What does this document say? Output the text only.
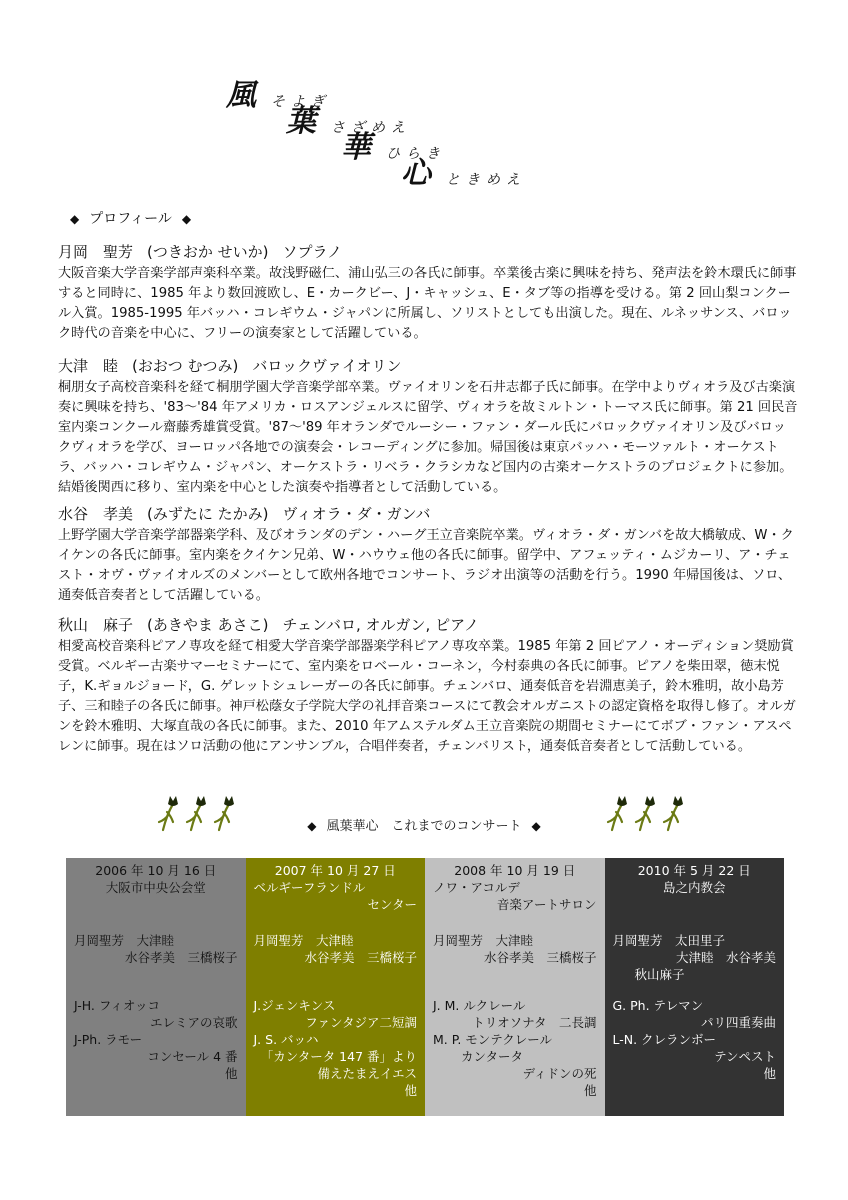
風 そよぎ
葉 さざめえ
華 ひらき
心 ときめえ
◆ プロフィール ◆
月岡　聖芳 (つきおか せいか) ソプラノ

大阪音楽大学音楽学部声楽科卒業。故浅野磁仁、浦山弘三の各氏に師事。卒業後古楽に興味を持ち、発声法を鈴木環氏に師事すると同時に、1985 年より数回渡欧し、E・カークビー、J・キャッシュ、E・タブ等の指導を受ける。第 2 回山梨コンクール入賞。1985-1995 年バッハ・コレギウム・ジャパンに所属し、ソリストとしても出演した。現在、ルネッサンス、バロック時代の音楽を中心に、フリーの演奏家として活躍している。

大津　睦 (おおつ むつみ) バロックヴァイオリン

桐朋女子高校音楽科を経て桐朋学園大学音楽学部卒業。ヴァイオリンを石井志都子氏に師事。在学中よりヴィオラ及び古楽演奏に興味を持ち、'83～'84 年アメリカ・ロスアンジェルスに留学、ヴィオラを故ミルトン・トーマス氏に師事。第 21 回民音室内楽コンクール齋藤秀雄賞受賞。'87～'89 年オランダでルーシー・ファン・ダール氏にバロックヴァイオリン及びバロックヴィオラを学び、ヨーロッパ各地での演奏会・レコーディングに参加。帰国後は東京バッハ・モーツァルト・オーケストラ、バッハ・コレギウム・ジャパン、オーケストラ・リベラ・クラシカなど国内の古楽オーケストラのプロジェクトに参加。結婚後関西に移り、室内楽を中心とした演奏や指導者として活動している。

水谷　孝美 (みずたに たかみ) ヴィオラ・ダ・ガンバ

上野学園大学音楽学部器楽学科、及びオランダのデン・ハーグ王立音楽院卒業。ヴィオラ・ダ・ガンバを故大橋敏成、W・クイケンの各氏に師事。室内楽をクイケン兄弟、W・ハウウェ他の各氏に師事。留学中、アフェッティ・ムジカーリ、ア・チェスト・オヴ・ヴァイオルズのメンバーとして欧州各地でコンサート、ラジオ出演等の活動を行う。1990 年帰国後は、ソロ、通奏低音奏者として活躍している。

秋山　麻子 (あきやま あさこ) チェンバロ, オルガン, ピアノ

相愛高校音楽科ピアノ専攻を経て相愛大学音楽学部器楽学科ピアノ専攻卒業。1985 年第 2 回ピアノ・オーディション奨励賞受賞。ベルギー古楽サマーセミナーにて、室内楽をロベール・コーネン，今村泰典の各氏に師事。ピアノを柴田翠，徳末悦子，K.ギョルジョード，G. ゲレットシュレーガーの各氏に師事。チェンバロ、通奏低音を岩淵恵美子，鈴木雅明，故小島芳子、三和睦子の各氏に師事。神戸松蔭女子学院大学の礼拝音楽コースにて教会オルガニストの認定資格を取得し修了。オルガンを鈴木雅明、大塚直哉の各氏に師事。また、2010 年アムステルダム王立音楽院の期間セミナーにてボブ・ファン・アスペレンに師事。現在はソロ活動の他にアンサンブル，合唱伴奏者，チェンバリスト，通奏低音奏者として活動している。

◆ 風葉華心　これまでのコンサート ◆
2006 年 10 月 16 日
大阪市中央公会堂
月岡聖芳　大津睦
水谷孝美　三橋桜子
J-H. フィオッコ
エレミアの哀歌
J-Ph. ラモー
コンセール 4 番
他
2007 年 10 月 27 日
ベルギーフランドル
センター
月岡聖芳　大津睦
水谷孝美　三橋桜子
J.ジェンキンス
ファンタジア二短調
J. S. バッハ
「カンタータ 147 番」より
備えたまえイエス
他
2008 年 10 月 19 日
ノワ・アコルデ
音楽アートサロン
月岡聖芳　大津睦
水谷孝美　三橋桜子
J. M. ルクレール
トリオソナタ　二長調
M. P. モンテクレール
カンタータ
ディドンの死
他
2010 年 5 月 22 日
島之内教会
月岡聖芳　太田里子
大津睦　水谷孝美
秋山麻子
G. Ph. テレマン
パリ四重奏曲
L-N. クレランボー
テンペスト
他
